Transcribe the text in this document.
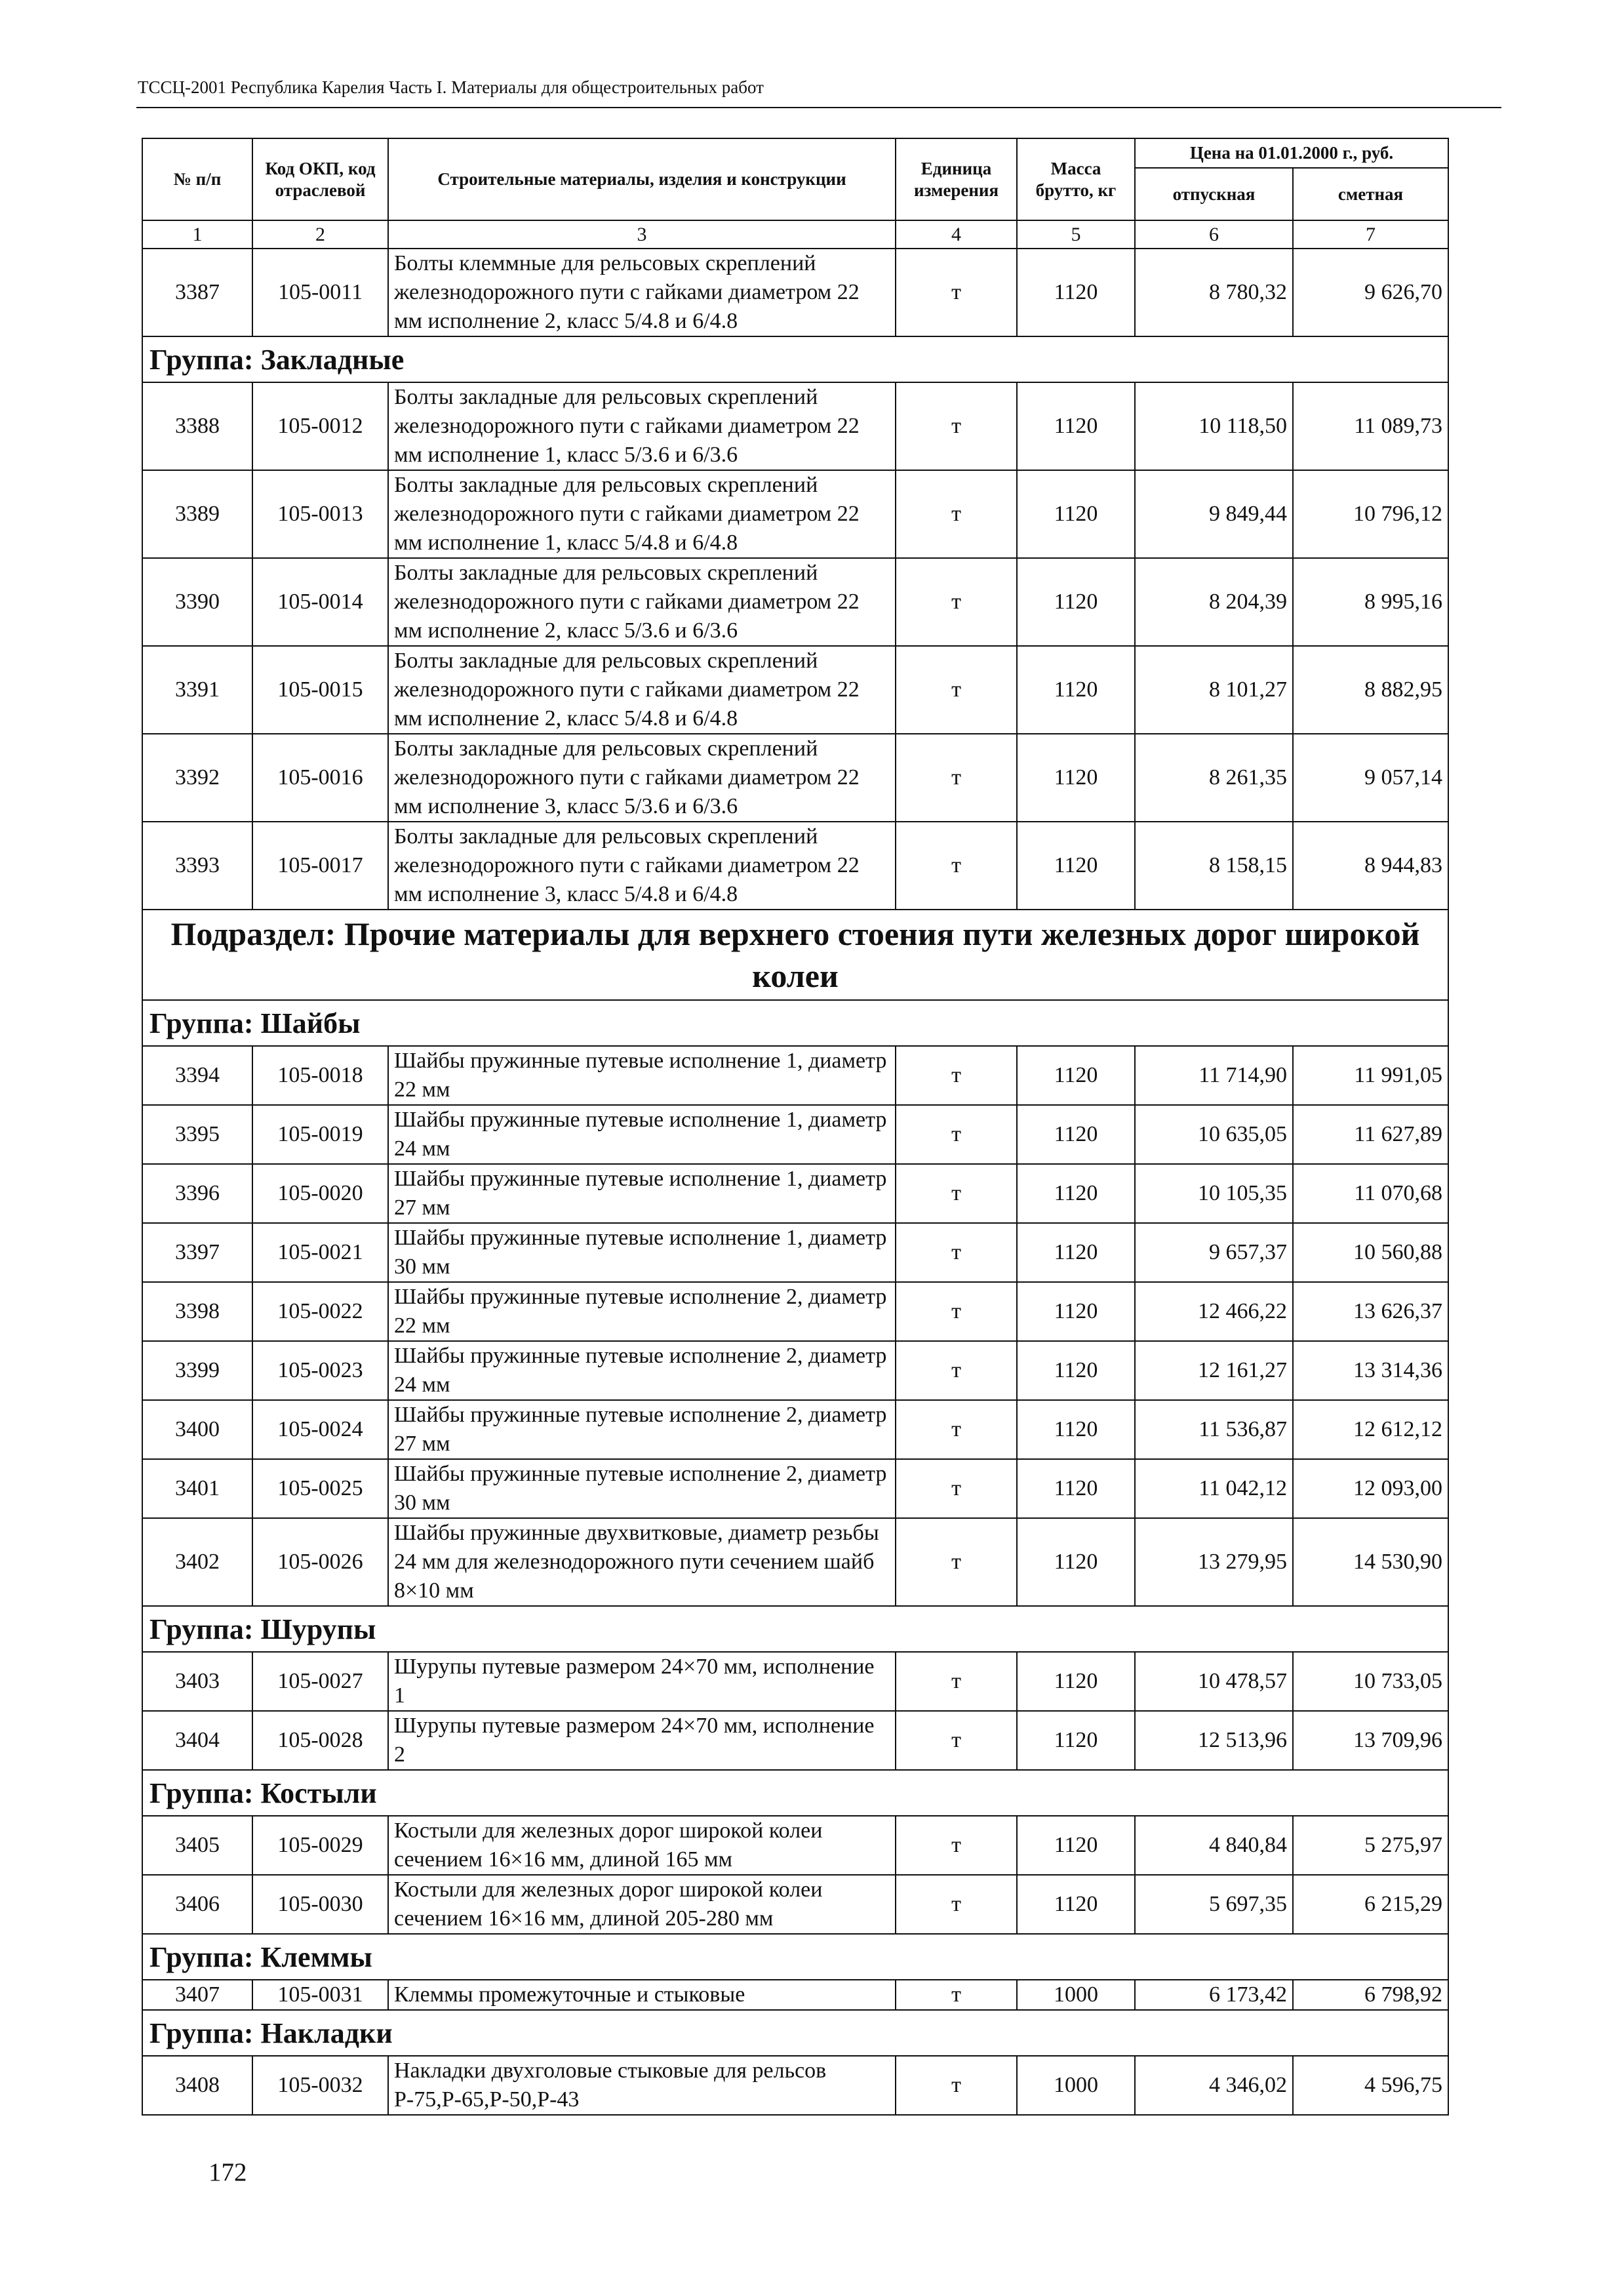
ТССЦ-2001 Республика Карелия Часть I. Материалы для общестроительных работ
№ п/п	Код ОКП, код отраслевой	Строительные материалы, изделия и конструкции	Единица измерения	Масса брутто, кг	Цена на 01.01.2000 г., руб.	
					отпускная	сметная
1	2	3	4	5	6	7
3387	105-0011	Болты клеммные для рельсовых скреплений железнодорожного пути с гайками диаметром 22 мм исполнение 2, класс 5/4.8 и 6/4.8	т	1120	8 780,32	9 626,70
Группа: Закладные						
3388	105-0012	Болты закладные для рельсовых скреплений железнодорожного пути с гайками диаметром 22 мм исполнение 1, класс 5/3.6 и 6/3.6	т	1120	10 118,50	11 089,73
3389	105-0013	Болты закладные для рельсовых скреплений железнодорожного пути с гайками диаметром 22 мм исполнение 1, класс 5/4.8 и 6/4.8	т	1120	9 849,44	10 796,12
3390	105-0014	Болты закладные для рельсовых скреплений железнодорожного пути с гайками диаметром 22 мм исполнение 2, класс 5/3.6 и 6/3.6	т	1120	8 204,39	8 995,16
3391	105-0015	Болты закладные для рельсовых скреплений железнодорожного пути с гайками диаметром 22 мм исполнение 2, класс 5/4.8 и 6/4.8	т	1120	8 101,27	8 882,95
3392	105-0016	Болты закладные для рельсовых скреплений железнодорожного пути с гайками диаметром 22 мм исполнение 3, класс 5/3.6 и 6/3.6	т	1120	8 261,35	9 057,14
3393	105-0017	Болты закладные для рельсовых скреплений железнодорожного пути с гайками диаметром 22 мм исполнение 3, класс 5/4.8 и 6/4.8	т	1120	8 158,15	8 944,83
Подраздел: Прочие материалы для верхнего стоения пути железных дорог широкой колеи						
Группа: Шайбы						
3394	105-0018	Шайбы пружинные путевые исполнение 1, диаметр 22 мм	т	1120	11 714,90	11 991,05
3395	105-0019	Шайбы пружинные путевые исполнение 1, диаметр 24 мм	т	1120	10 635,05	11 627,89
3396	105-0020	Шайбы пружинные путевые исполнение 1, диаметр 27 мм	т	1120	10 105,35	11 070,68
3397	105-0021	Шайбы пружинные путевые исполнение 1, диаметр 30 мм	т	1120	9 657,37	10 560,88
3398	105-0022	Шайбы пружинные путевые исполнение 2, диаметр 22 мм	т	1120	12 466,22	13 626,37
3399	105-0023	Шайбы пружинные путевые исполнение 2, диаметр 24 мм	т	1120	12 161,27	13 314,36
3400	105-0024	Шайбы пружинные путевые исполнение 2, диаметр 27 мм	т	1120	11 536,87	12 612,12
3401	105-0025	Шайбы пружинные путевые исполнение 2, диаметр 30 мм	т	1120	11 042,12	12 093,00
3402	105-0026	Шайбы пружинные двухвитковые, диаметр резьбы 24 мм для железнодорожного пути сечением шайб 8×10 мм	т	1120	13 279,95	14 530,90
Группа: Шурупы						
3403	105-0027	Шурупы путевые размером 24×70 мм, исполнение 1	т	1120	10 478,57	10 733,05
3404	105-0028	Шурупы путевые размером 24×70 мм, исполнение 2	т	1120	12 513,96	13 709,96
Группа: Костыли						
3405	105-0029	Костыли для железных дорог широкой колеи сечением 16×16 мм, длиной 165 мм	т	1120	4 840,84	5 275,97
3406	105-0030	Костыли для железных дорог широкой колеи сечением 16×16 мм, длиной 205-280 мм	т	1120	5 697,35	6 215,29
Группа: Клеммы						
3407	105-0031	Клеммы промежуточные и стыковые	т	1000	6 173,42	6 798,92
Группа: Накладки						
3408	105-0032	Накладки двухголовые стыковые для рельсов Р-75,Р-65,Р-50,Р-43	т	1000	4 346,02	4 596,75
172
